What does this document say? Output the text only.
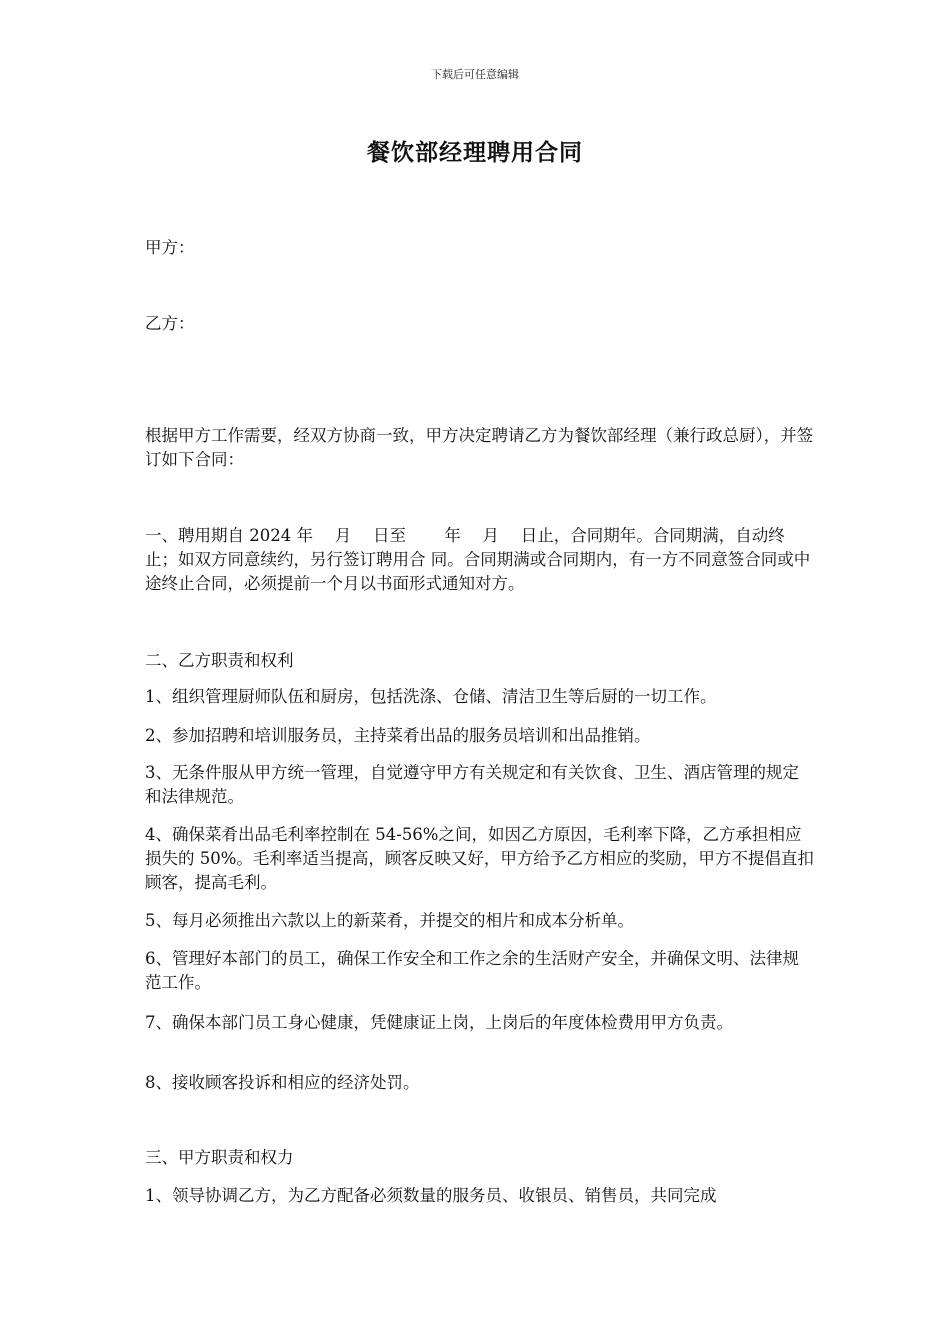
下载后可任意编辑
餐饮部经理聘用合同
甲方：
乙方：
根据甲方工作需要，经双方协商一致，甲方决定聘请乙方为餐饮部经理（兼行政总厨），并签订如下合同：
一、聘用期自 2024 年　 月　 日至　　 年　 月　 日止，合同期年。合同期满，自动终止；如双方同意续约，另行签订聘用合 同。合同期满或合同期内，有一方不同意签合同或中途终止合同，必须提前一个月以书面形式通知对方。
二、乙方职责和权利
1、组织管理厨师队伍和厨房，包括洗涤、仓储、清洁卫生等后厨的一切工作。
2、参加招聘和培训服务员，主持菜肴出品的服务员培训和出品推销。
3、无条件服从甲方统一管理，自觉遵守甲方有关规定和有关饮食、卫生、酒店管理的规定和法律规范。
4、确保菜肴出品毛利率控制在 54-56%之间，如因乙方原因，毛利率下降，乙方承担相应损失的 50%。毛利率适当提高，顾客反映又好，甲方给予乙方相应的奖励，甲方不提倡直扣顾客，提高毛利。
5、每月必须推出六款以上的新菜肴，并提交的相片和成本分析单。
6、管理好本部门的员工，确保工作安全和工作之余的生活财产安全，并确保文明、法律规范工作。
7、确保本部门员工身心健康，凭健康证上岗，上岗后的年度体检费用甲方负责。
8、接收顾客投诉和相应的经济处罚。
三、甲方职责和权力
1、领导协调乙方，为乙方配备必须数量的服务员、收银员、销售员，共同完成
